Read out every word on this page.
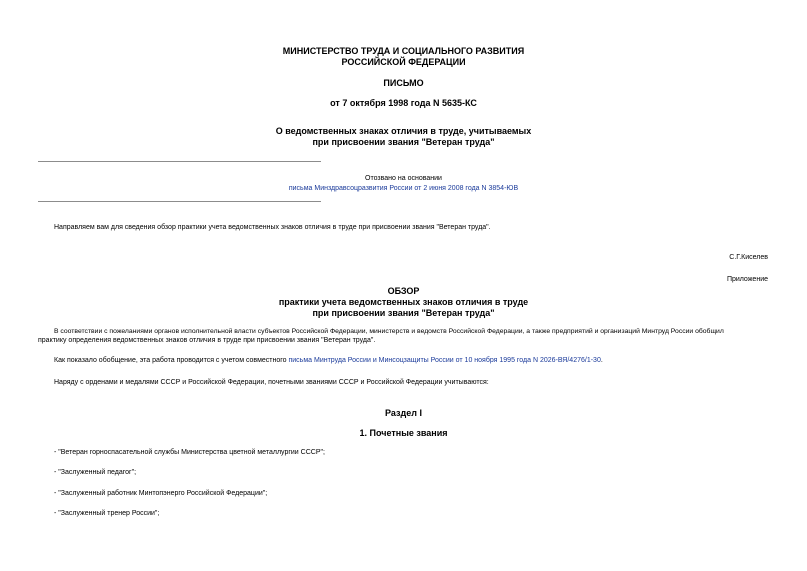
МИНИСТЕРСТВО ТРУДА И СОЦИАЛЬНОГО РАЗВИТИЯ
РОССИЙСКОЙ ФЕДЕРАЦИИ
ПИСЬМО
от 7 октября 1998 года N 5635-КС
О ведомственных знаках отличия в труде, учитываемых
при присвоении звания "Ветеран труда"
Отозвано на основании
письма Минздравсоцразвития России от 2 июня 2008 года N 3854-ЮВ
Направляем вам для сведения обзор практики учета ведомственных знаков отличия в труде при присвоении звания "Ветеран труда".
С.Г.Киселев
Приложение
ОБЗОР
практики учета ведомственных знаков отличия в труде
при присвоении звания "Ветеран труда"
В соответствии с пожеланиями органов исполнительной власти субъектов Российской Федерации, министерств и ведомств Российской Федерации, а также предприятий и организаций Минтруд России обобщил
практику определения ведомственных знаков отличия в труде при присвоении звания "Ветеран труда".
Как показало обобщение, эта работа проводится с учетом совместного письма Минтруда России и Минсоцзащиты России от 10 ноября 1995 года N 2026-ВЯ/4276/1-30.
Наряду с орденами и медалями СССР и Российской Федерации, почетными званиями СССР и Российской Федерации учитываются:
Раздел I
1. Почетные звания
- "Ветеран горноспасательной службы Министерства цветной металлургии СССР";
- "Заслуженный педагог";
- "Заслуженный работник Минтопэнерго Российской Федерации";
- "Заслуженный тренер России";
